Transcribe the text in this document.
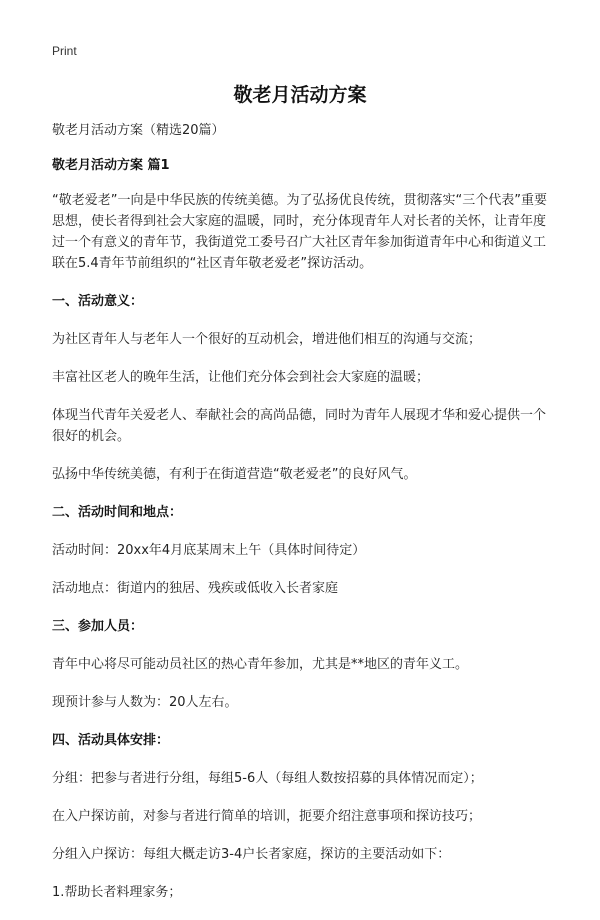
Print
敬老月活动方案

敬老月活动方案（精选20篇）

敬老月活动方案 篇1

“敬老爱老”一向是中华民族的传统美德。为了弘扬优良传统，贯彻落实“三个代表”重要思想，使长者得到社会大家庭的温暖，同时，充分体现青年人对长者的关怀，让青年度过一个有意义的青年节，我街道党工委号召广大社区青年参加街道青年中心和街道义工联在5.4青年节前组织的“社区青年敬老爱老”探访活动。

一、活动意义：

为社区青年人与老年人一个很好的互动机会，增进他们相互的沟通与交流；

丰富社区老人的晚年生活，让他们充分体会到社会大家庭的温暖；

体现当代青年关爱老人、奉献社会的高尚品德，同时为青年人展现才华和爱心提供一个很好的机会。

弘扬中华传统美德，有利于在街道营造“敬老爱老”的良好风气。

二、活动时间和地点：

活动时间：20xx年4月底某周末上午（具体时间待定）

活动地点：街道内的独居、残疾或低收入长者家庭

三、参加人员：

青年中心将尽可能动员社区的热心青年参加，尤其是**地区的青年义工。

现预计参与人数为：20人左右。

四、活动具体安排：

分组：把参与者进行分组，每组5-6人（每组人数按招募的具体情况而定）；

在入户探访前，对参与者进行简单的培训，扼要介绍注意事项和探访技巧；

分组入户探访：每组大概走访3-4户长者家庭，探访的主要活动如下：

1.帮助长者料理家务；
